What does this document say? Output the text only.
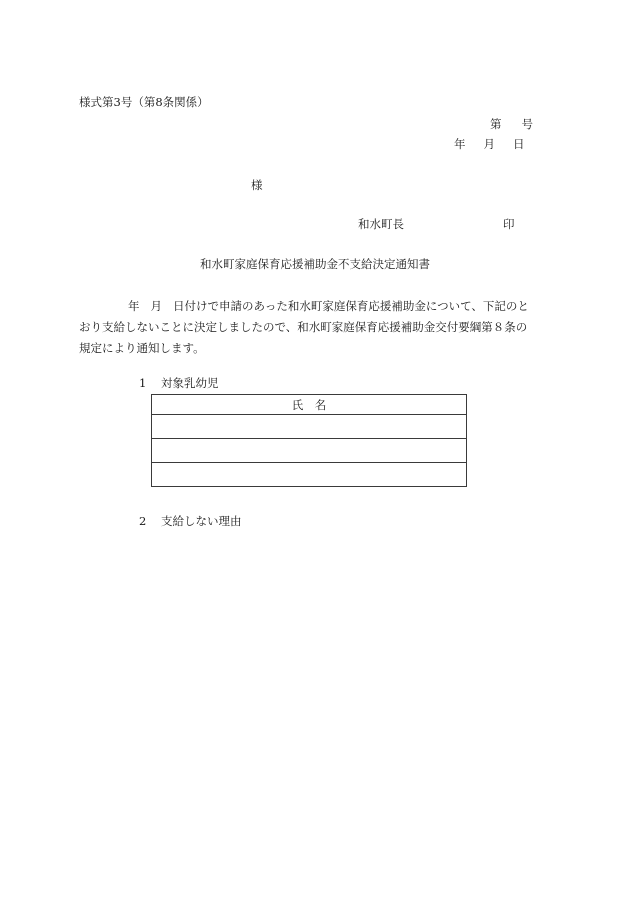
様式第3号（第8条関係）
第 号
年 月 日
様
和水町長	印
和水町家庭保育応援補助金不支給決定通知書
年 月 日付けで申請のあった和水町家庭保育応援補助金について、下記のと
おり支給しないことに決定しましたので、和水町家庭保育応援補助金交付要綱第８条の
規定により通知します。
1 対象乳幼児
氏　名

2 支給しない理由
